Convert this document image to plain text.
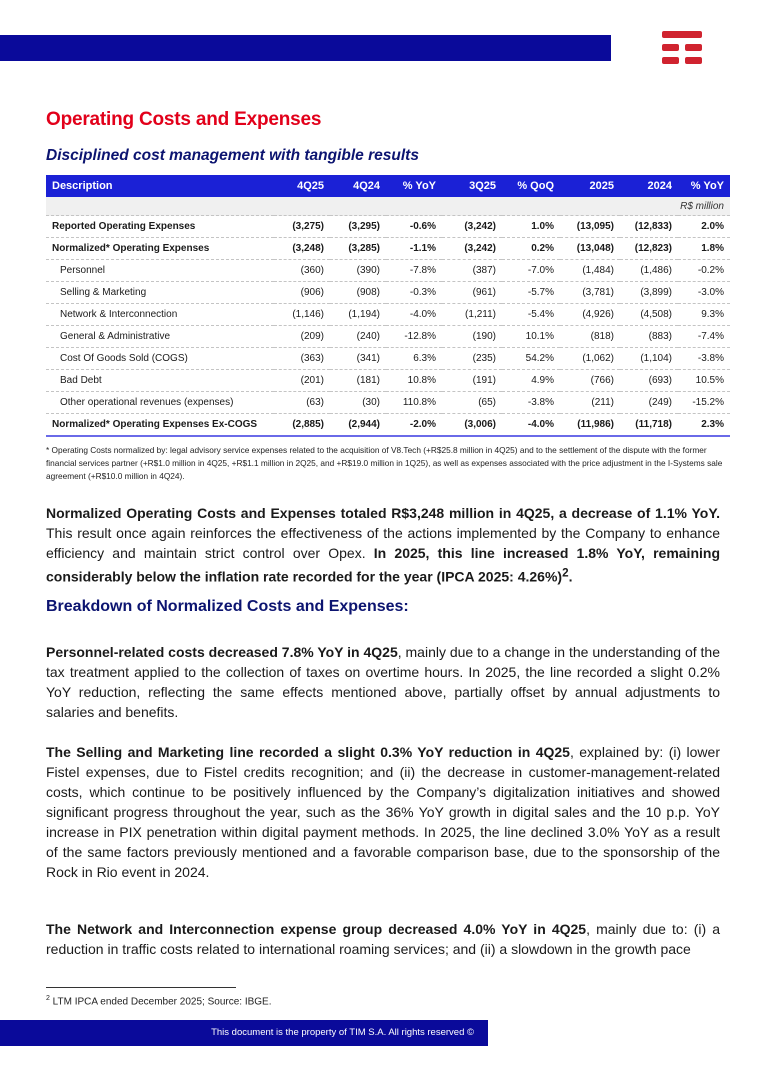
Operating Costs and Expenses
Disciplined cost management with tangible results
Description	4Q25	4Q24	% YoY	3Q25	% QoQ	2025	2024	% YoY
R$ million								
Reported Operating Expenses	(3,275)	(3,295)	-0.6%	(3,242)	1.0%	(13,095)	(12,833)	2.0%
Normalized* Operating Expenses	(3,248)	(3,285)	-1.1%	(3,242)	0.2%	(13,048)	(12,823)	1.8%
Personnel	(360)	(390)	-7.8%	(387)	-7.0%	(1,484)	(1,486)	-0.2%
Selling & Marketing	(906)	(908)	-0.3%	(961)	-5.7%	(3,781)	(3,899)	-3.0%
Network & Interconnection	(1,146)	(1,194)	-4.0%	(1,211)	-5.4%	(4,926)	(4,508)	9.3%
General & Administrative	(209)	(240)	-12.8%	(190)	10.1%	(818)	(883)	-7.4%
Cost Of Goods Sold (COGS)	(363)	(341)	6.3%	(235)	54.2%	(1,062)	(1,104)	-3.8%
Bad Debt	(201)	(181)	10.8%	(191)	4.9%	(766)	(693)	10.5%
Other operational revenues (expenses)	(63)	(30)	110.8%	(65)	-3.8%	(211)	(249)	-15.2%
Normalized* Operating Expenses Ex-COGS	(2,885)	(2,944)	-2.0%	(3,006)	-4.0%	(11,986)	(11,718)	2.3%
* Operating Costs normalized by: legal advisory service expenses related to the acquisition of V8.Tech (+R$25.8 million in 4Q25) and to the settlement of the dispute with the former financial services partner (+R$1.0 million in 4Q25, +R$1.1 million in 2Q25, and +R$19.0 million in 1Q25), as well as expenses associated with the price adjustment in the I-Systems sale agreement (+R$10.0 million in 4Q24).
Normalized Operating Costs and Expenses totaled R$3,248 million in 4Q25, a decrease of 1.1% YoY. This result once again reinforces the effectiveness of the actions implemented by the Company to enhance efficiency and maintain strict control over Opex. In 2025, this line increased 1.8% YoY, remaining considerably below the inflation rate recorded for the year (IPCA 2025: 4.26%)$^2$.
Breakdown of Normalized Costs and Expenses:
Personnel-related costs decreased 7.8% YoY in 4Q25, mainly due to a change in the understanding of the tax treatment applied to the collection of taxes on overtime hours. In 2025, the line recorded a slight 0.2% YoY reduction, reflecting the same effects mentioned above, partially offset by annual adjustments to salaries and benefits.
The Selling and Marketing line recorded a slight 0.3% YoY reduction in 4Q25, explained by: (i) lower Fistel expenses, due to Fistel credits recognition; and (ii) the decrease in customer-management-related costs, which continue to be positively influenced by the Company’s digitalization initiatives and showed significant progress throughout the year, such as the 36% YoY growth in digital sales and the 10 p.p. YoY increase in PIX penetration within digital payment methods. In 2025, the line declined 3.0% YoY as a result of the same factors previously mentioned and a favorable comparison base, due to the sponsorship of the Rock in Rio event in 2024.
The Network and Interconnection expense group decreased 4.0% YoY in 4Q25, mainly due to: (i) a reduction in traffic costs related to international roaming services; and (ii) a slowdown in the growth pace
$^2$ LTM IPCA ended December 2025; Source: IBGE.
This document is the property of TIM S.A. All rights reserved ©
